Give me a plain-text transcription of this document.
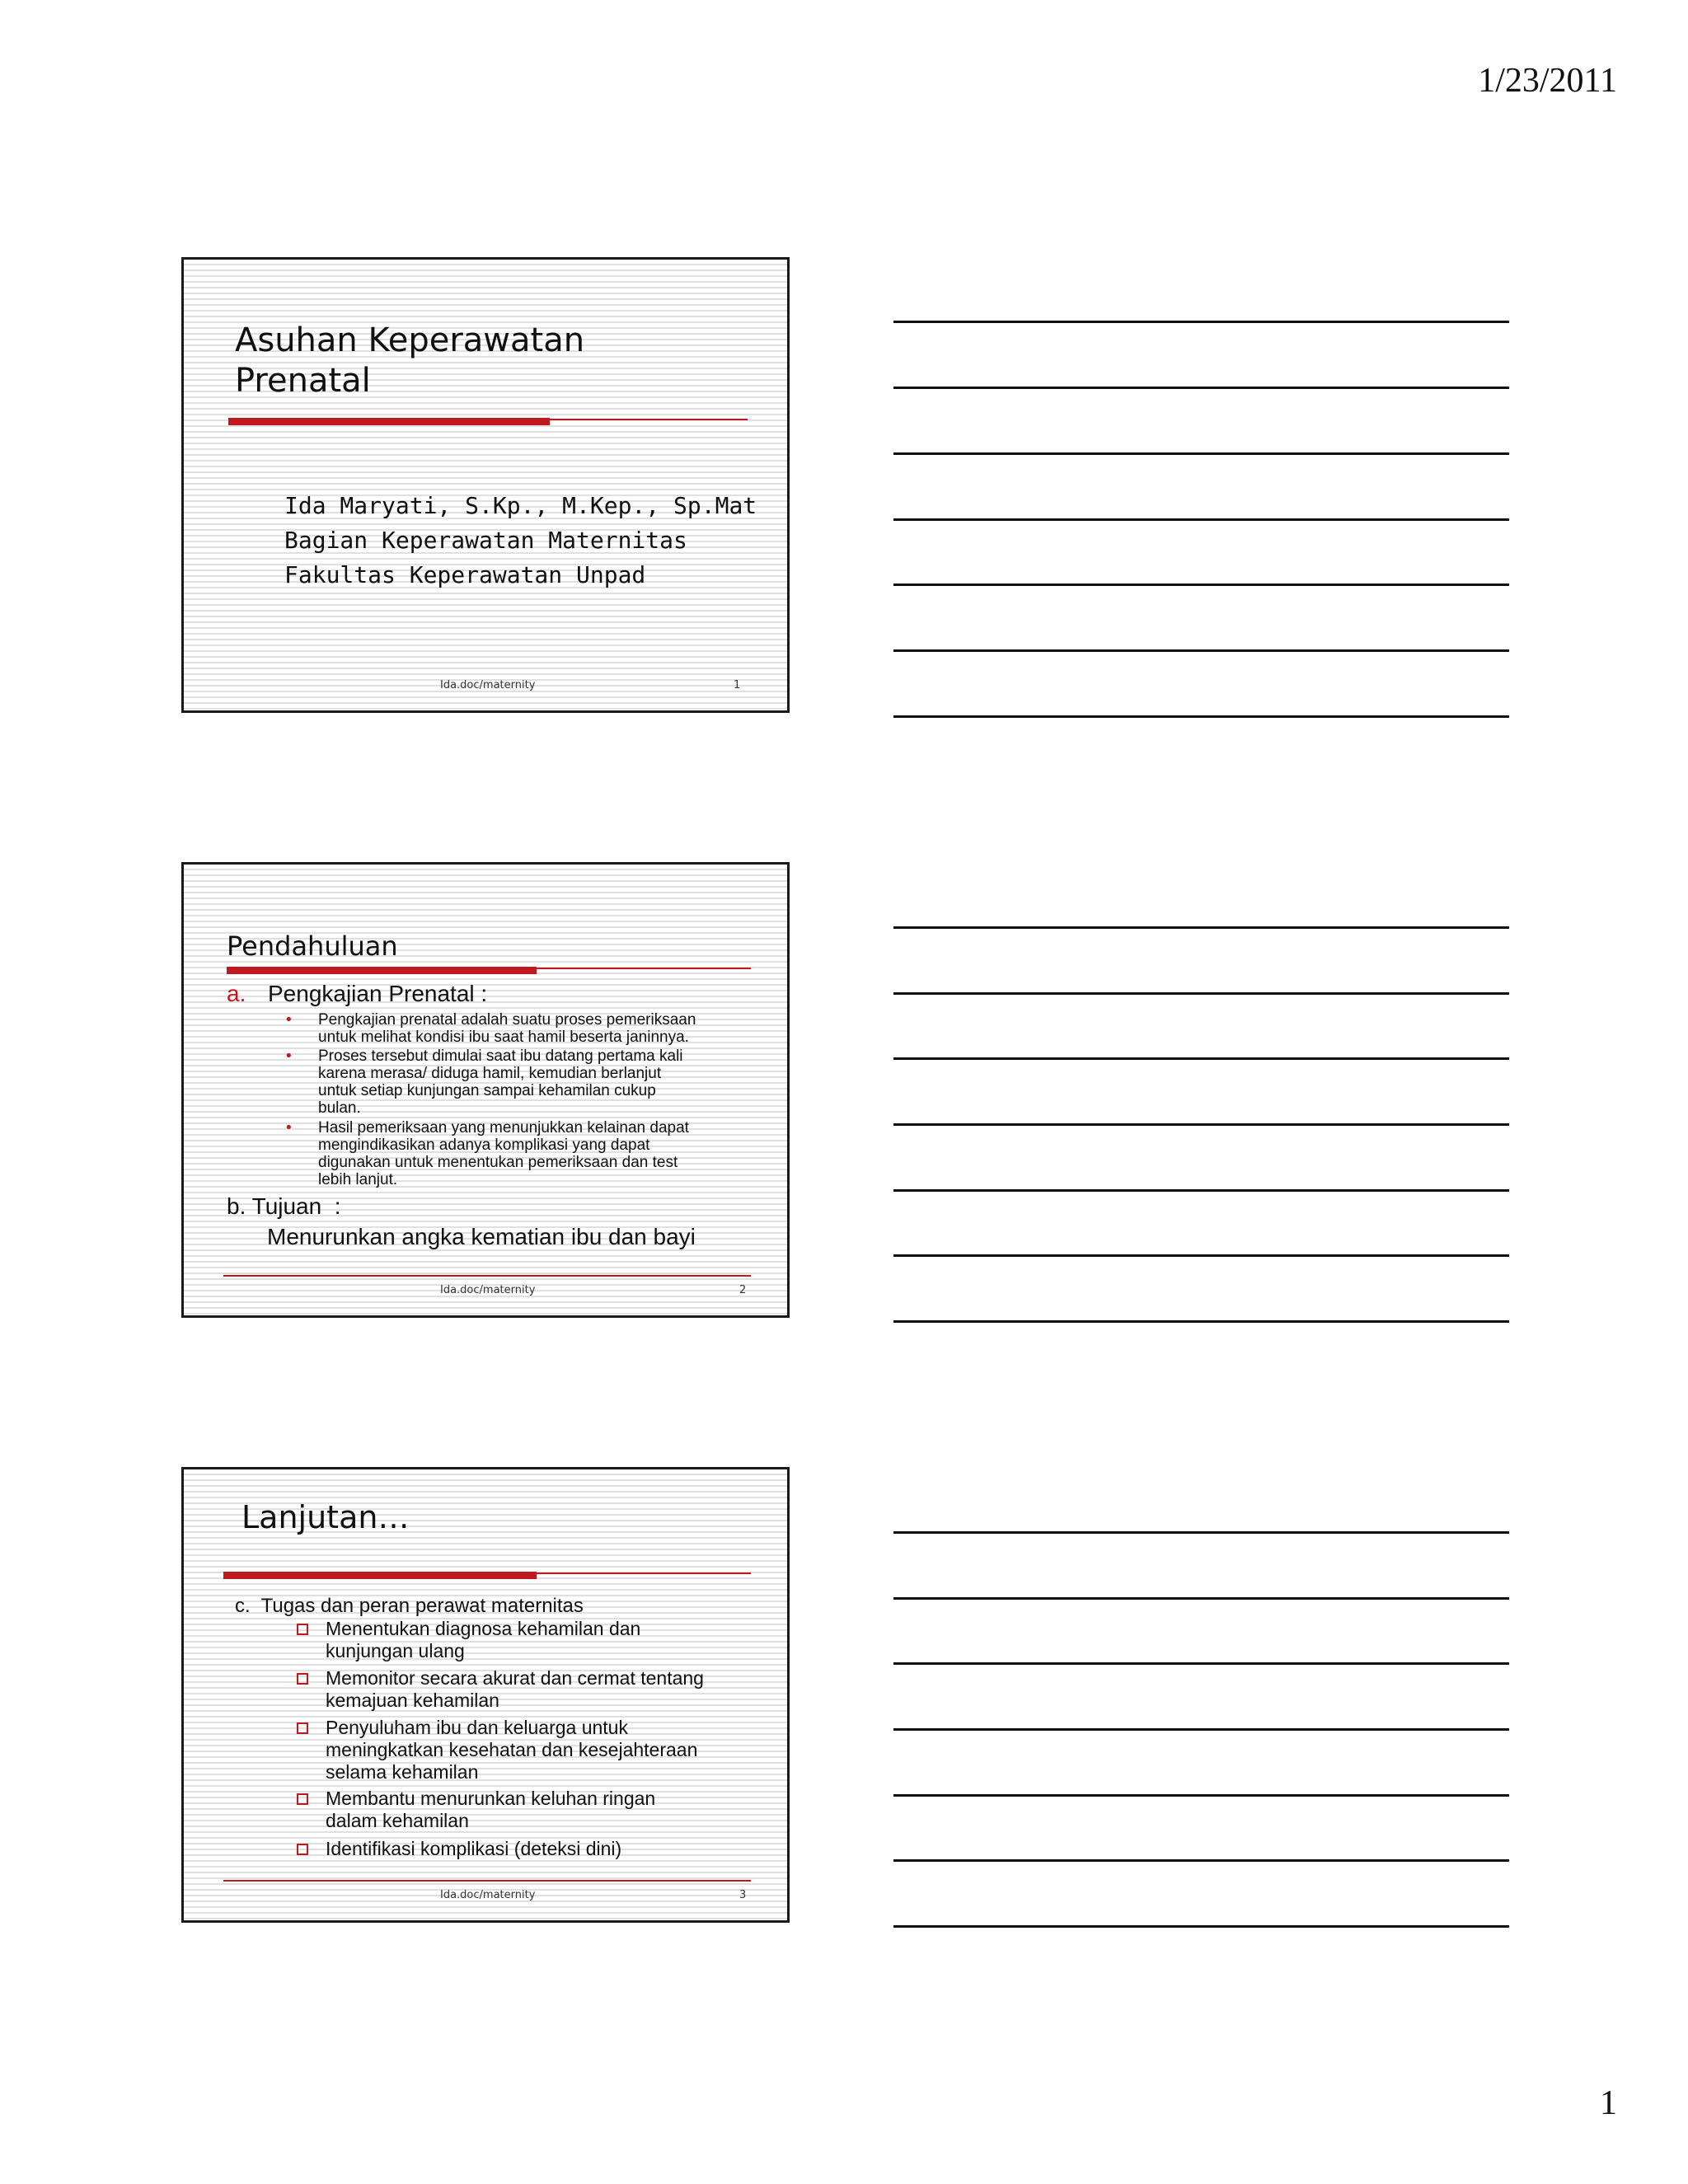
1/23/2011
Asuhan Keperawatan
Prenatal
Ida Maryati, S.Kp., M.Kep., Sp.Mat
Bagian Keperawatan Maternitas
Fakultas Keperawatan Unpad
Ida.doc/maternity	1
Pendahuluan
a. Pengkajian Prenatal :
• Pengkajian prenatal adalah suatu proses pemeriksaan
untuk melihat kondisi ibu saat hamil beserta janinnya.
• Proses tersebut dimulai saat ibu datang pertama kali
karena merasa/ diduga hamil, kemudian berlanjut
untuk setiap kunjungan sampai kehamilan cukup
bulan.
• Hasil pemeriksaan yang menunjukkan kelainan dapat
mengindikasikan adanya komplikasi yang dapat
digunakan untuk menentukan pemeriksaan dan test
lebih lanjut.
b. Tujuan  :
Menurunkan angka kematian ibu dan bayi
Ida.doc/maternity	2
Lanjutan…
c.  Tugas dan peran perawat maternitas
Menentukan diagnosa kehamilan dan
kunjungan ulang
Memonitor secara akurat dan cermat tentang
kemajuan kehamilan
Penyuluham ibu dan keluarga untuk
meningkatkan kesehatan dan kesejahteraan
selama kehamilan
Membantu menurunkan keluhan ringan
dalam kehamilan
Identifikasi komplikasi (deteksi dini)
Ida.doc/maternity	3
1
